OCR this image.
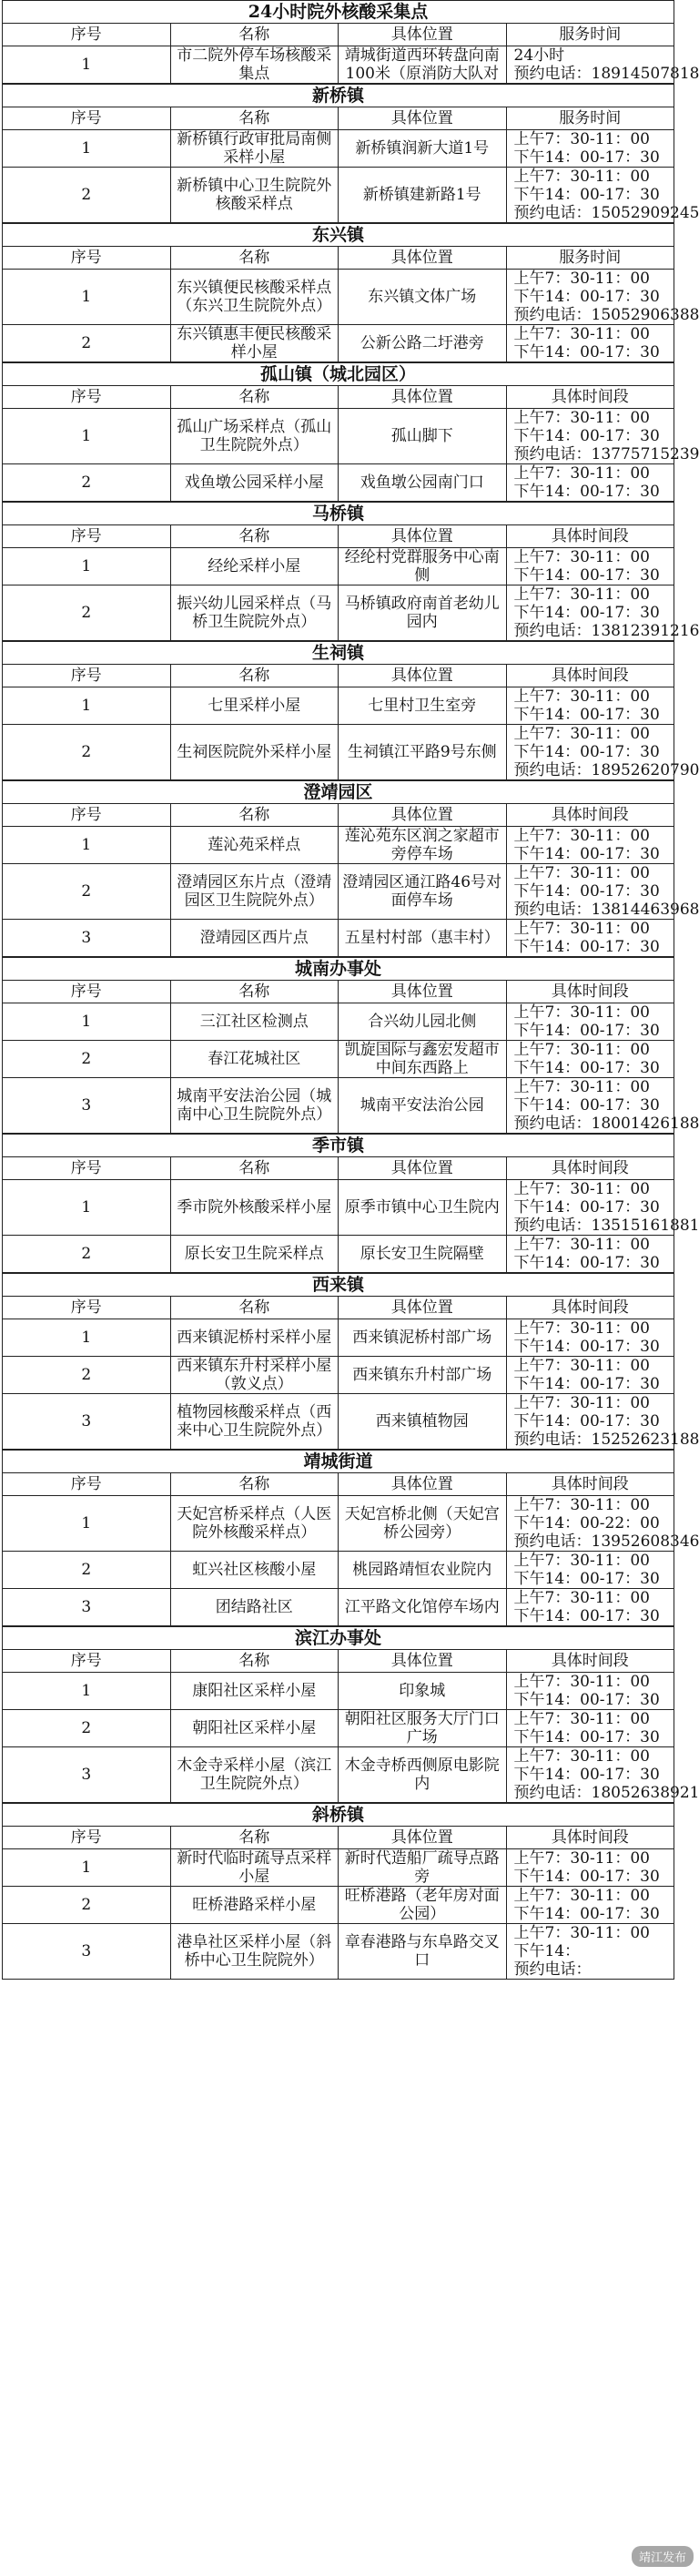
24小时院外核酸采集点			
序号	名称	具体位置	服务时间
1	市二院外停车场核酸采集点	靖城街道西环转盘向南100米（原消防大队对	24小时
预约电话：18914507818
新桥镇			
序号	名称	具体位置	服务时间
1	新桥镇行政审批局南侧采样小屋	新桥镇润新大道1号	上午7：30-11：00
下午14：00-17：30

2	新桥镇中心卫生院院外核酸采样点	新桥镇建新路1号	上午7：30-11：00
下午14：00-17：30
预约电话：15052909245
东兴镇			
序号	名称	具体位置	服务时间
1	东兴镇便民核酸采样点（东兴卫生院院外点）	东兴镇文体广场	上午7：30-11：00
下午14：00-17：30
预约电话：15052906388

2	东兴镇惠丰便民核酸采样小屋	公新公路二圩港旁	上午7：30-11：00
下午14：00-17：30
孤山镇（城北园区）			
序号	名称	具体位置	具体时间段
1	孤山广场采样点（孤山卫生院院外点）	孤山脚下	上午7：30-11：00
下午14：00-17：30
预约电话：13775715239

2	戏鱼墩公园采样小屋	戏鱼墩公园南门口	上午7：30-11：00
下午14：00-17：30
马桥镇			
序号	名称	具体位置	具体时间段
1	经纶采样小屋	经纶村党群服务中心南侧	上午7：30-11：00
下午14：00-17：30

2	振兴幼儿园采样点（马桥卫生院院外点）	马桥镇政府南首老幼儿园内	上午7：30-11：00
下午14：00-17：30
预约电话：13812391216
生祠镇			
序号	名称	具体位置	具体时间段
1	七里采样小屋	七里村卫生室旁	上午7：30-11：00
下午14：00-17：30

2	生祠医院院外采样小屋	生祠镇江平路9号东侧	上午7：30-11：00
下午14：00-17：30
预约电话：18952620790
澄靖园区			
序号	名称	具体位置	具体时间段
1	莲沁苑采样点	莲沁苑东区润之家超市旁停车场	上午7：30-11：00
下午14：00-17：30

2	澄靖园区东片点（澄靖园区卫生院院外点）	澄靖园区通江路46号对面停车场	上午7：30-11：00
下午14：00-17：30
预约电话：13814463968

3	澄靖园区西片点	五星村村部（惠丰村）	上午7：30-11：00
下午14：00-17：30
城南办事处			
序号	名称	具体位置	具体时间段
1	三江社区检测点	合兴幼儿园北侧	上午7：30-11：00
下午14：00-17：30

2	春江花城社区	凯旋国际与鑫宏发超市中间东西路上	上午7：30-11：00
下午14：00-17：30

3	城南平安法治公园（城南中心卫生院院外点）	城南平安法治公园	上午7：30-11：00
下午14：00-17：30
预约电话：18001426188
季市镇			
序号	名称	具体位置	具体时间段
1	季市院外核酸采样小屋	原季市镇中心卫生院内	上午7：30-11：00
下午14：00-17：30
预约电话：13515161881

2	原长安卫生院采样点	原长安卫生院隔壁	上午7：30-11：00
下午14：00-17：30
西来镇			
序号	名称	具体位置	具体时间段
1	西来镇泥桥村采样小屋	西来镇泥桥村部广场	上午7：30-11：00
下午14：00-17：30

2	西来镇东升村采样小屋（敦义点）	西来镇东升村部广场	上午7：30-11：00
下午14：00-17：30

3	植物园核酸采样点（西来中心卫生院院外点）	西来镇植物园	上午7：30-11：00
下午14：00-17：30
预约电话：15252623188
靖城街道			
序号	名称	具体位置	具体时间段
1	天妃宫桥采样点（人医院外核酸采样点）	天妃宫桥北侧（天妃宫桥公园旁）	上午7：30-11：00
下午14：00-22：00
预约电话：13952608346

2	虹兴社区核酸小屋	桃园路靖恒农业院内	上午7：30-11：00
下午14：00-17：30

3	团结路社区	江平路文化馆停车场内	上午7：30-11：00
下午14：00-17：30
滨江办事处			
序号	名称	具体位置	具体时间段
1	康阳社区采样小屋	印象城	上午7：30-11：00
下午14：00-17：30

2	朝阳社区采样小屋	朝阳社区服务大厅门口广场	上午7：30-11：00
下午14：00-17：30

3	木金寺采样小屋（滨江卫生院院外点）	木金寺桥西侧原电影院内	上午7：30-11：00
下午14：00-17：30
预约电话：18052638921
斜桥镇			
序号	名称	具体位置	具体时间段
1	新时代临时疏导点采样小屋	新时代造船厂疏导点路旁	上午7：30-11：00
下午14：00-17：30

2	旺桥港路采样小屋	旺桥港路（老年房对面公园）	上午7：30-11：00
下午14：00-17：30

3	港阜社区采样小屋（斜桥中心卫生院院外）	章春港路与东阜路交叉口	上午7：30-11：00
下午14：
预约电话：
靖江发布
